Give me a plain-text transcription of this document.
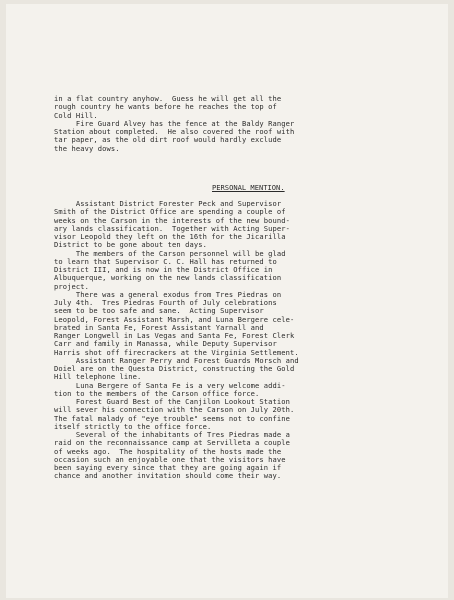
in a flat country anyhow.  Guess he will get all the
rough country he wants before he reaches the top of
Cold Hill.
Fire Guard Alvey has the fence at the Baldy Ranger
Station about completed.  He also covered the roof with
tar paper, as the old dirt roof would hardly exclude
the heavy dows.
PERSONAL MENTION.
Assistant District Forester Peck and Supervisor
Smith of the District Office are spending a couple of
weeks on the Carson in the interests of the new bound-
ary lands classification.  Together with Acting Super-
visor Leopold they left on the 16th for the Jicarilla
District to be gone about ten days.
The members of the Carson personnel will be glad
to learn that Supervisor C. C. Hall has returned to
District III, and is now in the District Office in
Albuquerque, working on the new lands classification
project.
There was a general exodus from Tres Piedras on
July 4th.  Tres Piedras Fourth of July celebrations
seem to be too safe and sane.  Acting Supervisor
Leopold, Forest Assistant Marsh, and Luna Bergere cele-
brated in Santa Fe, Forest Assistant Yarnall and
Ranger Longwell in Las Vegas and Santa Fe, Forest Clerk
Carr and family in Manassa, while Deputy Supervisor
Harris shot off firecrackers at the Virginia Settlement.
Assistant Ranger Perry and Forest Guards Morsch and
Doiel are on the Questa District, constructing the Gold
Hill telephone line.
Luna Bergere of Santa Fe is a very welcome addi-
tion to the members of the Carson office force.
Forest Guard Best of the Canjilon Lookout Station
will sever his connection with the Carson on July 20th.
The fatal malady of "eye trouble" seems not to confine
itself strictly to the office force.
Several of the inhabitants of Tres Piedras made a
raid on the reconnaissance camp at Servilleta a couple
of weeks ago.  The hospitality of the hosts made the
occasion such an enjoyable one that the visitors have
been saying every since that they are going again if
chance and another invitation should come their way.
